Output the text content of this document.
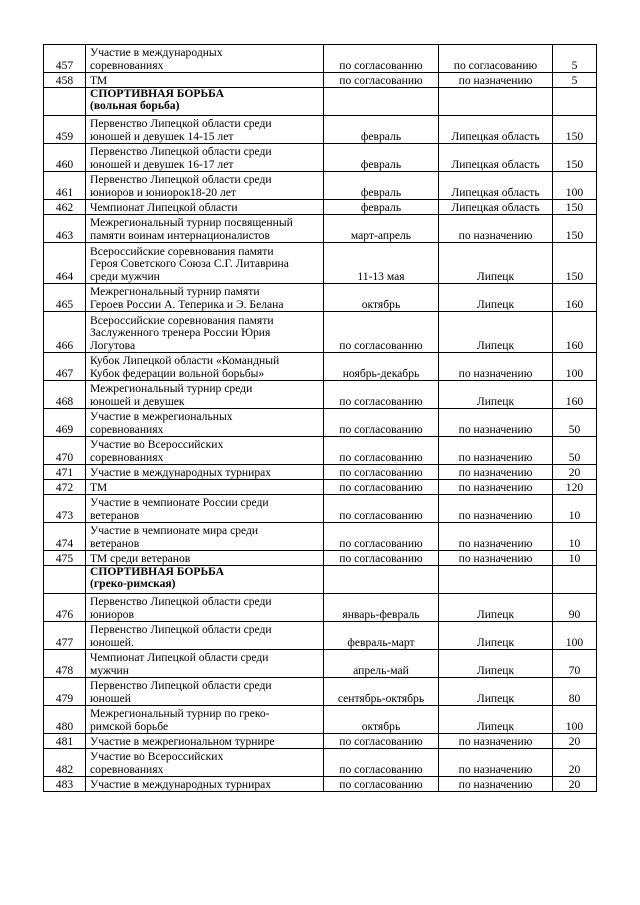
457	Участие в международных
соревнованиях	по согласованию	по согласованию	5
458	ТМ	по согласованию	по назначению	5
	СПОРТИВНАЯ БОРЬБА
(вольная борьба)			
459	Первенство Липецкой области среди
юношей и девушек 14-15 лет	февраль	Липецкая область	150
460	Первенство Липецкой области среди
юношей и девушек 16-17 лет	февраль	Липецкая область	150
461	Первенство Липецкой области среди
юниоров и юниорок18-20 лет	февраль	Липецкая область	100
462	Чемпионат Липецкой области	февраль	Липецкая область	150
463	Межрегиональный турнир посвященный
памяти воинам интернационалистов	март-апрель	по назначению	150
464	Всероссийские соревнования памяти
Героя Советского Союза С.Г. Литаврина
среди мужчин	11-13 мая	Липецк	150
465	Межрегиональный турнир памяти
Героев России А. Теперика и Э. Белана	октябрь	Липецк	160
466	Всероссийские соревнования памяти
Заслуженного тренера России Юрия
Логутова	по согласованию	Липецк	160
467	Кубок Липецкой области «Командный
Кубок федерации вольной борьбы»	ноябрь-декабрь	по назначению	100
468	Межрегиональный турнир среди
юношей и девушек	по согласованию	Липецк	160
469	Участие в межрегиональных
соревнованиях	по согласованию	по назначению	50
470	Участие во Всероссийских
соревнованиях	по согласованию	по назначению	50
471	Участие в международных турнирах	по согласованию	по назначению	20
472	ТМ	по согласованию	по назначению	120
473	Участие в чемпионате России среди
ветеранов	по согласованию	по назначению	10
474	Участие в чемпионате мира среди
ветеранов	по согласованию	по назначению	10
475	ТМ среди ветеранов	по согласованию	по назначению	10
	СПОРТИВНАЯ БОРЬБА
(греко-римская)			
476	Первенство Липецкой области среди
юниоров	январь-февраль	Липецк	90
477	Первенство Липецкой области среди
юношей.	февраль-март	Липецк	100
478	Чемпионат Липецкой области среди
мужчин	апрель-май	Липецк	70
479	Первенство Липецкой области среди
юношей	сентябрь-октябрь	Липецк	80
480	Межрегиональный турнир по греко-
римской борьбе	октябрь	Липецк	100
481	Участие в межрегиональном турнире	по согласованию	по назначению	20
482	Участие во Всероссийских
соревнованиях	по согласованию	по назначению	20
483	Участие в международных турнирах	по согласованию	по назначению	20
